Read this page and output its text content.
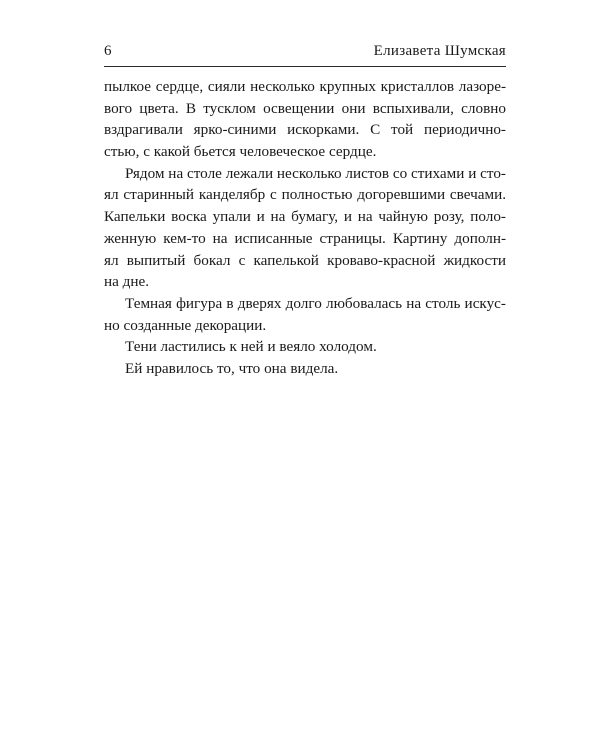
6	Елизавета Шумская
пылкое сердце, сияли несколько крупных кристаллов лазоре-
вого цвета. В тусклом освещении они вспыхивали, словно
вздрагивали ярко-синими искорками. С той периодично-
стью, с какой бьется человеческое сердце.
Рядом на столе лежали несколько листов со стихами и сто-
ял старинный канделябр с полностью догоревшими свечами.
Капельки воска упали и на бумагу, и на чайную розу, поло-
женную кем-то на исписанные страницы. Картину дополн-
ял выпитый бокал с капелькой кроваво-красной жидкости
на дне.
Темная фигура в дверях долго любовалась на столь искус-
но созданные декорации.
Тени ластились к ней и веяло холодом.
Ей нравилось то, что она видела.
